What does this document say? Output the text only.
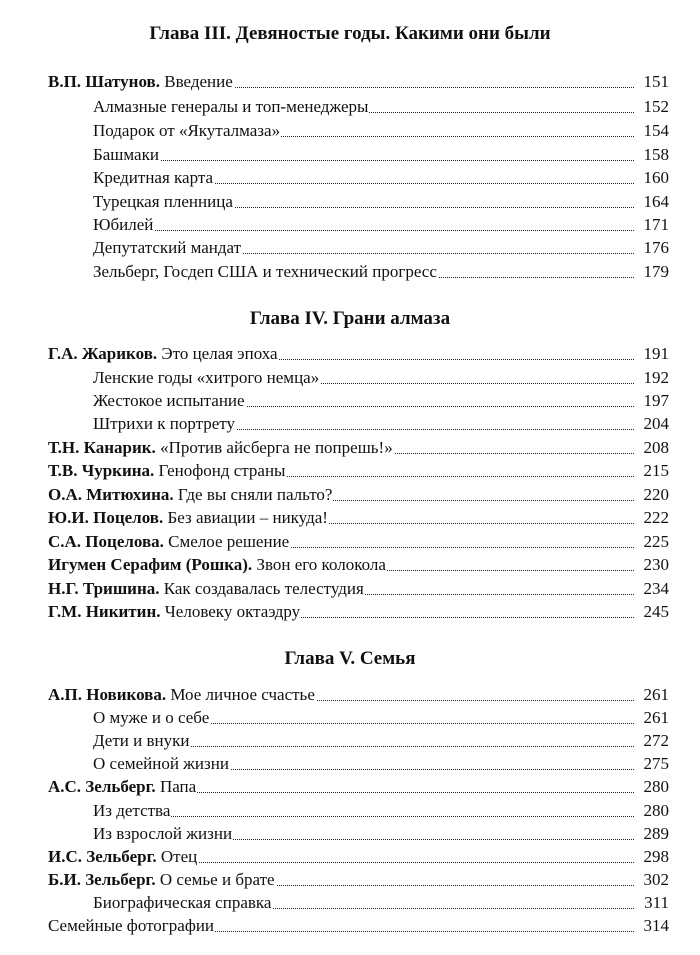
Глава III. Девяностые годы. Какими они были
В.П. Шатунов. Введение	151
Алмазные генералы и топ-менеджеры	152
Подарок от «Якуталмаза»	154
Башмаки	158
Кредитная карта	160
Турецкая пленница	164
Юбилей	171
Депутатский мандат	176
Зельберг, Госдеп США и технический прогресс	179
Глава IV. Грани алмаза
Г.А. Жариков. Это целая эпоха	191
Ленские годы «хитрого немца»	192
Жестокое испытание	197
Штрихи к портрету	204
Т.Н. Канарик. «Против айсберга не попрешь!»	208
Т.В. Чуркина. Генофонд страны	215
О.А. Митюхина. Где вы сняли пальто?	220
Ю.И. Поцелов. Без авиации – никуда!	222
С.А. Поцелова. Смелое решение	225
Игумен Серафим (Рошка). Звон его колокола	230
Н.Г. Тришина. Как создавалась телестудия	234
Г.М. Никитин. Человеку октаэдру	245
Глава V. Семья
А.П. Новикова. Мое личное счастье	261
О муже и о себе	261
Дети и внуки	272
О семейной жизни	275
А.С. Зельберг. Папа	280
Из детства	280
Из взрослой жизни	289
И.С. Зельберг. Отец	298
Б.И. Зельберг. О семье и брате	302
Биографическая справка	311
Семейные фотографии	314
